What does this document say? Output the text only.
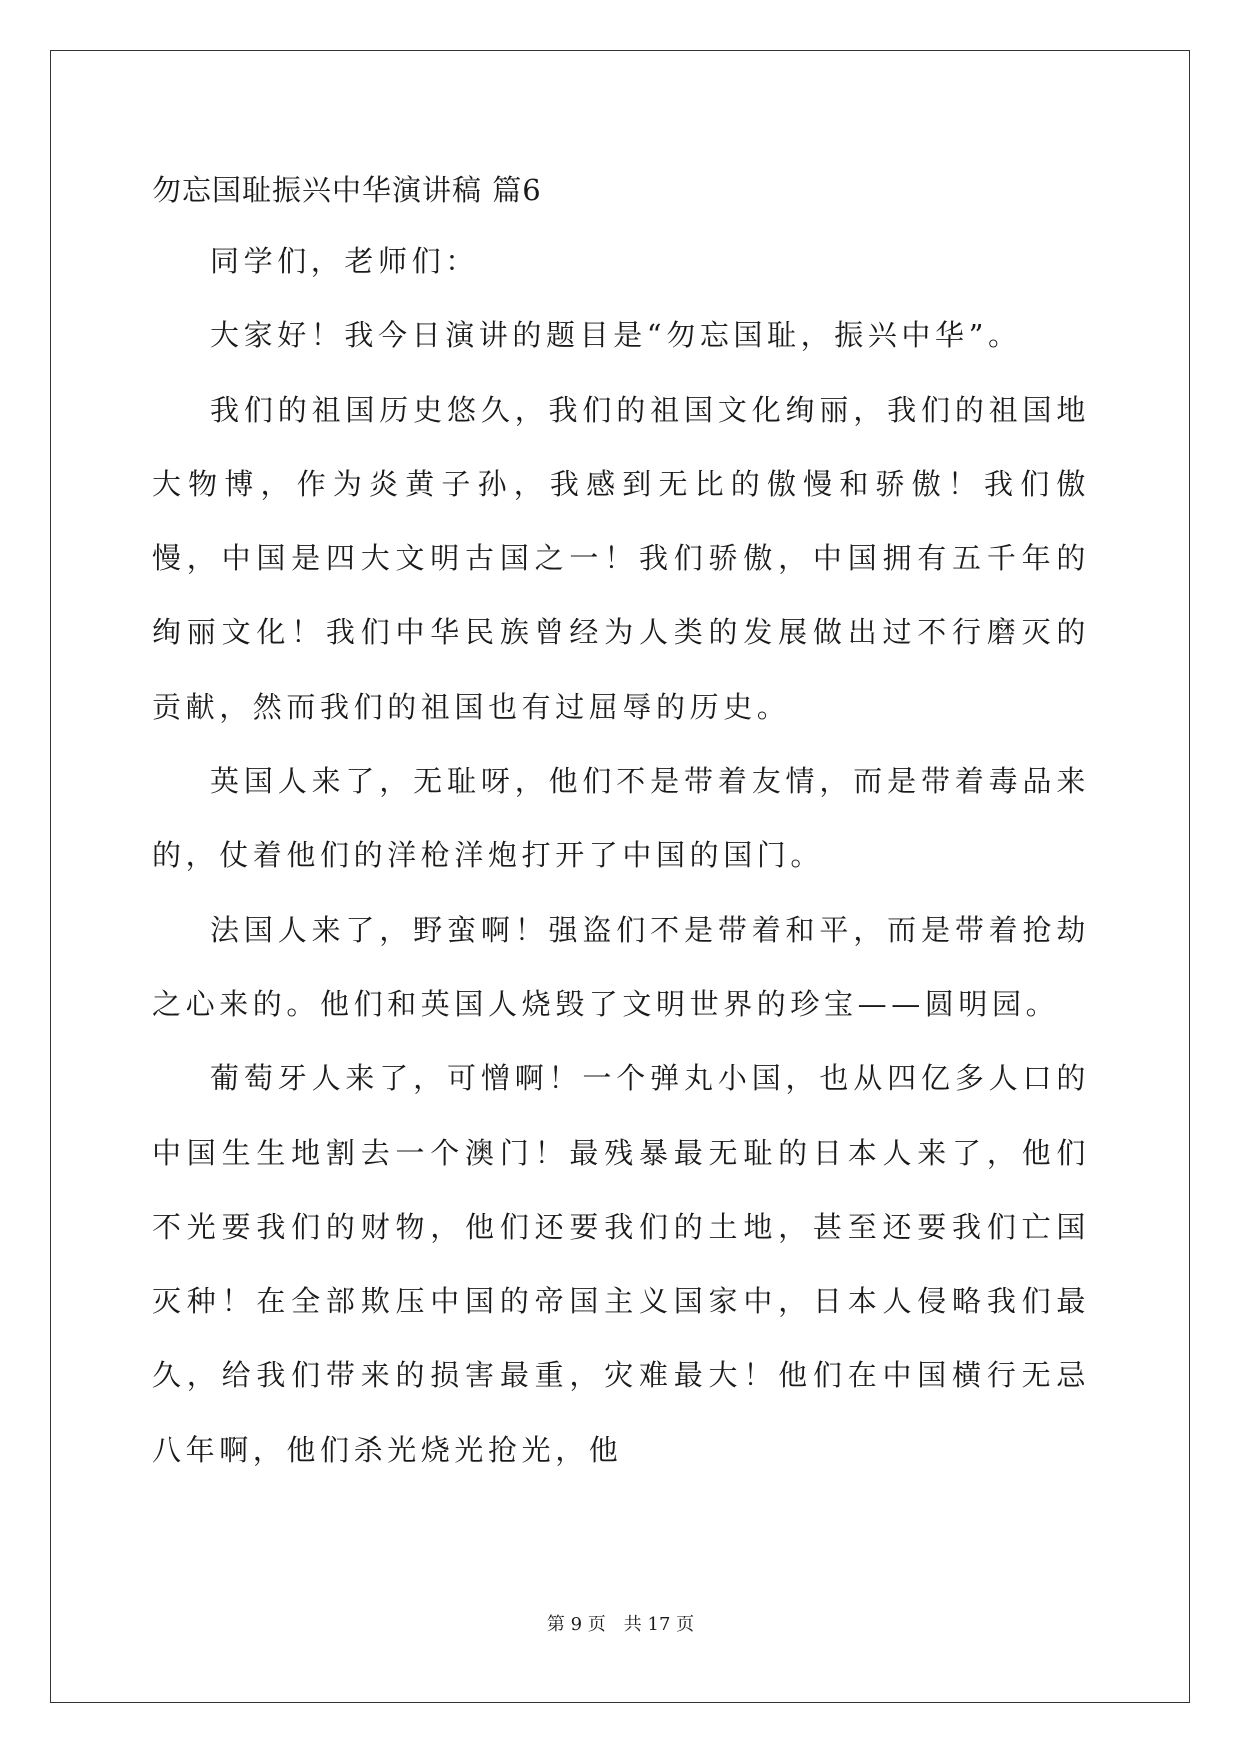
勿忘国耻振兴中华演讲稿 篇6

同学们，老师们：

大家好！我今日演讲的题目是“勿忘国耻，振兴中华”。

我们的祖国历史悠久，我们的祖国文化绚丽，我们的祖国地大物博，作为炎黄子孙，我感到无比的傲慢和骄傲！我们傲慢，中国是四大文明古国之一！我们骄傲，中国拥有五千年的绚丽文化！我们中华民族曾经为人类的发展做出过不行磨灭的贡献，然而我们的祖国也有过屈辱的历史。

英国人来了，无耻呀，他们不是带着友情，而是带着毒品来的，仗着他们的洋枪洋炮打开了中国的国门。

法国人来了，野蛮啊！强盗们不是带着和平，而是带着抢劫之心来的。他们和英国人烧毁了文明世界的珍宝——圆明园。

葡萄牙人来了，可憎啊！一个弹丸小国，也从四亿多人口的中国生生地割去一个澳门！最残暴最无耻的日本人来了，他们不光要我们的财物，他们还要我们的土地，甚至还要我们亡国灭种！在全部欺压中国的帝国主义国家中，日本人侵略我们最久，给我们带来的损害最重，灾难最大！他们在中国横行无忌八年啊，他们杀光烧光抢光，他

第 9 页 共 17 页
